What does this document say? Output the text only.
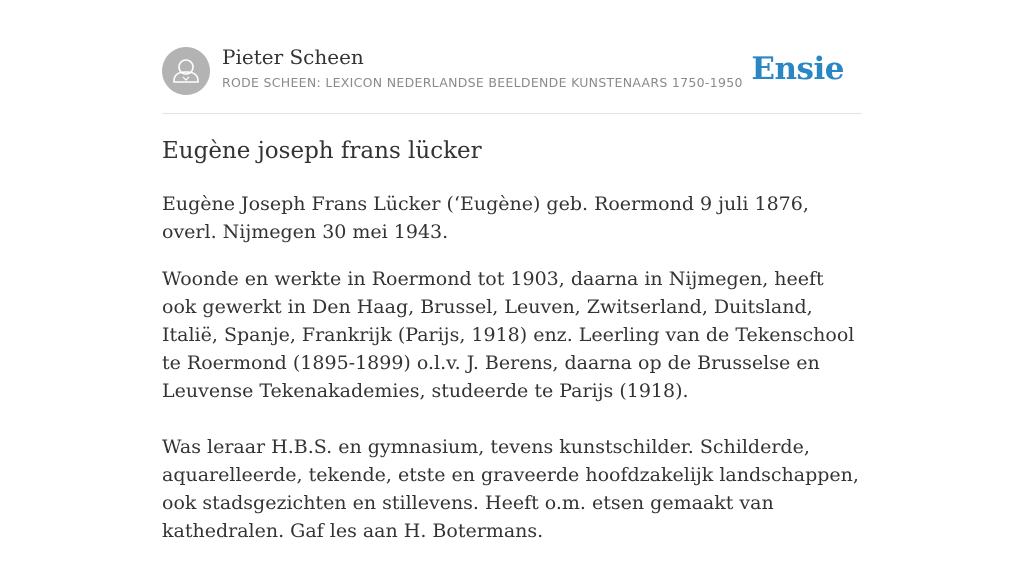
Pieter Scheen
RODE SCHEEN: LEXICON NEDERLANDSE BEELDENDE KUNSTENAARS 1750-1950 Ensie
Eugène joseph frans lücker

Eugène Joseph Frans Lücker (‘Eugène) geb. Roermond 9 juli 1876, overl. Nijmegen 30 mei 1943.

Woonde en werkte in Roermond tot 1903, daarna in Nijmegen, heeft ook gewerkt in Den Haag, Brussel, Leuven, Zwitserland, Duitsland, Italië, Spanje, Frankrijk (Parijs, 1918) enz. Leerling van de Tekenschool te Roermond (1895-1899) o.l.v. J. Berens, daarna op de Brusselse en Leuvense Tekenakademies, studeerde te Parijs (1918).

Was leraar H.B.S. en gymnasium, tevens kunstschilder. Schilderde, aquarelleerde, tekende, etste en graveerde hoofdzakelijk landschappen, ook stadsgezichten en stillevens. Heeft o.m. etsen gemaakt van kathedralen. Gaf les aan H. Botermans.
